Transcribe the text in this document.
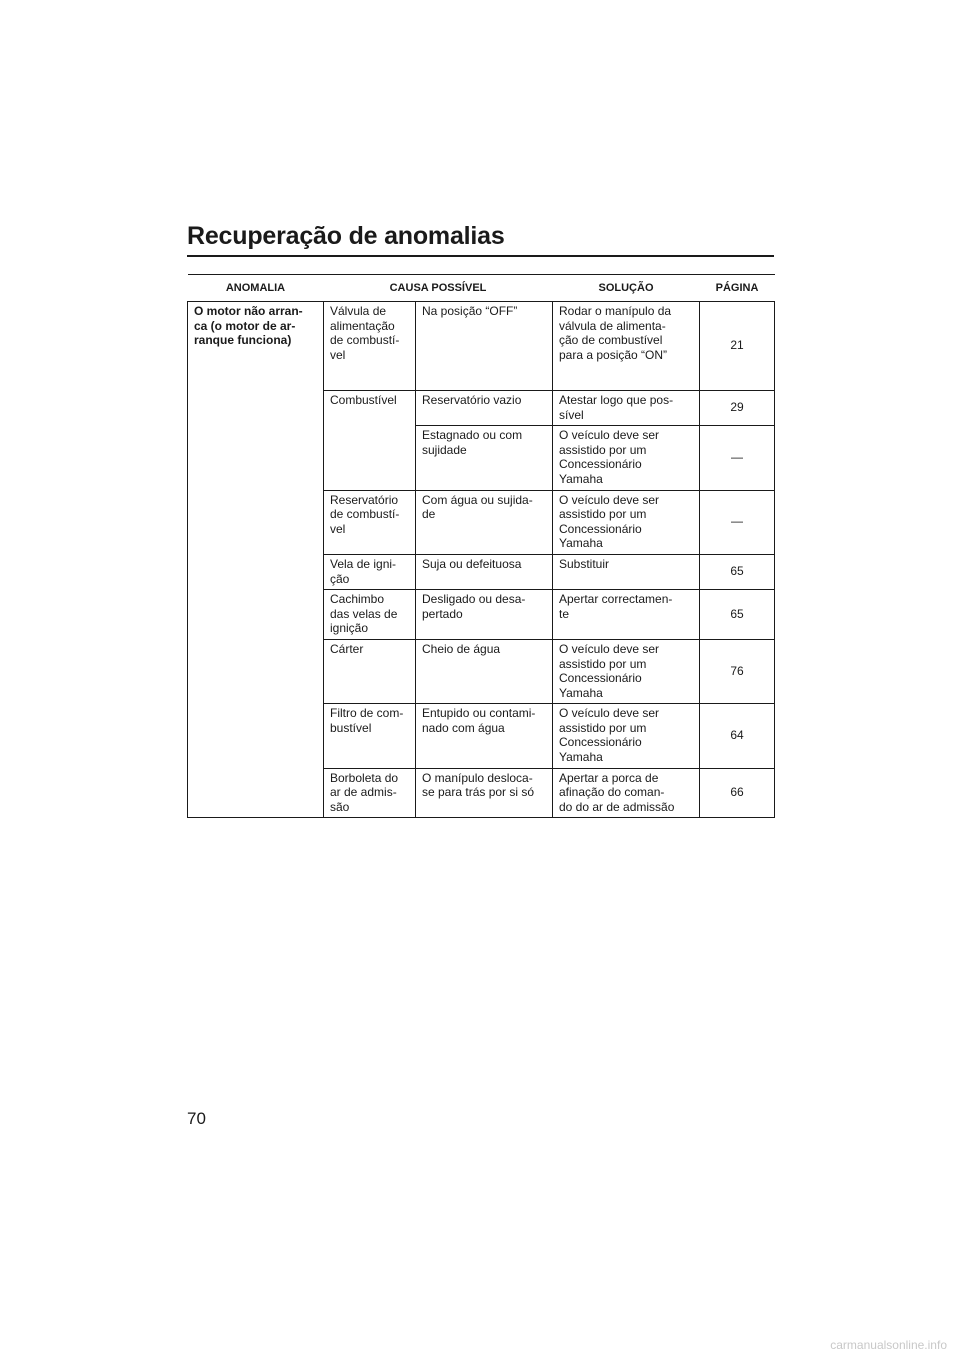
Recuperação de anomalias
ANOMALIA	CAUSA POSSÍVEL		SOLUÇÃO	PÁGINA
O motor não arran-
ca (o motor de ar-
ranque funciona)	Válvula de
alimentação
de combustí-
vel	Na posição “OFF”	Rodar o manípulo da
válvula de alimenta-
ção de combustível
para a posição “ON”	21
	Combustível	Reservatório vazio	Atestar logo que pos-
sível	29
		Estagnado ou com
sujidade	O veículo deve ser
assistido por um
Concessionário
Yamaha	—
	Reservatório
de combustí-
vel	Com água ou sujida-
de	O veículo deve ser
assistido por um
Concessionário
Yamaha	—
	Vela de igni-
ção	Suja ou defeituosa	Substituir	65
	Cachimbo
das velas de
ignição	Desligado ou desa-
pertado	Apertar correctamen-
te	65
	Cárter	Cheio de água	O veículo deve ser
assistido por um
Concessionário
Yamaha	76
	Filtro de com-
bustível	Entupido ou contami-
nado com água	O veículo deve ser
assistido por um
Concessionário
Yamaha	64
	Borboleta do
ar de admis-
são	O manípulo desloca-
se para trás por si só	Apertar a porca de
afinação do coman-
do do ar de admissão	66

70

carmanualsonline.info
